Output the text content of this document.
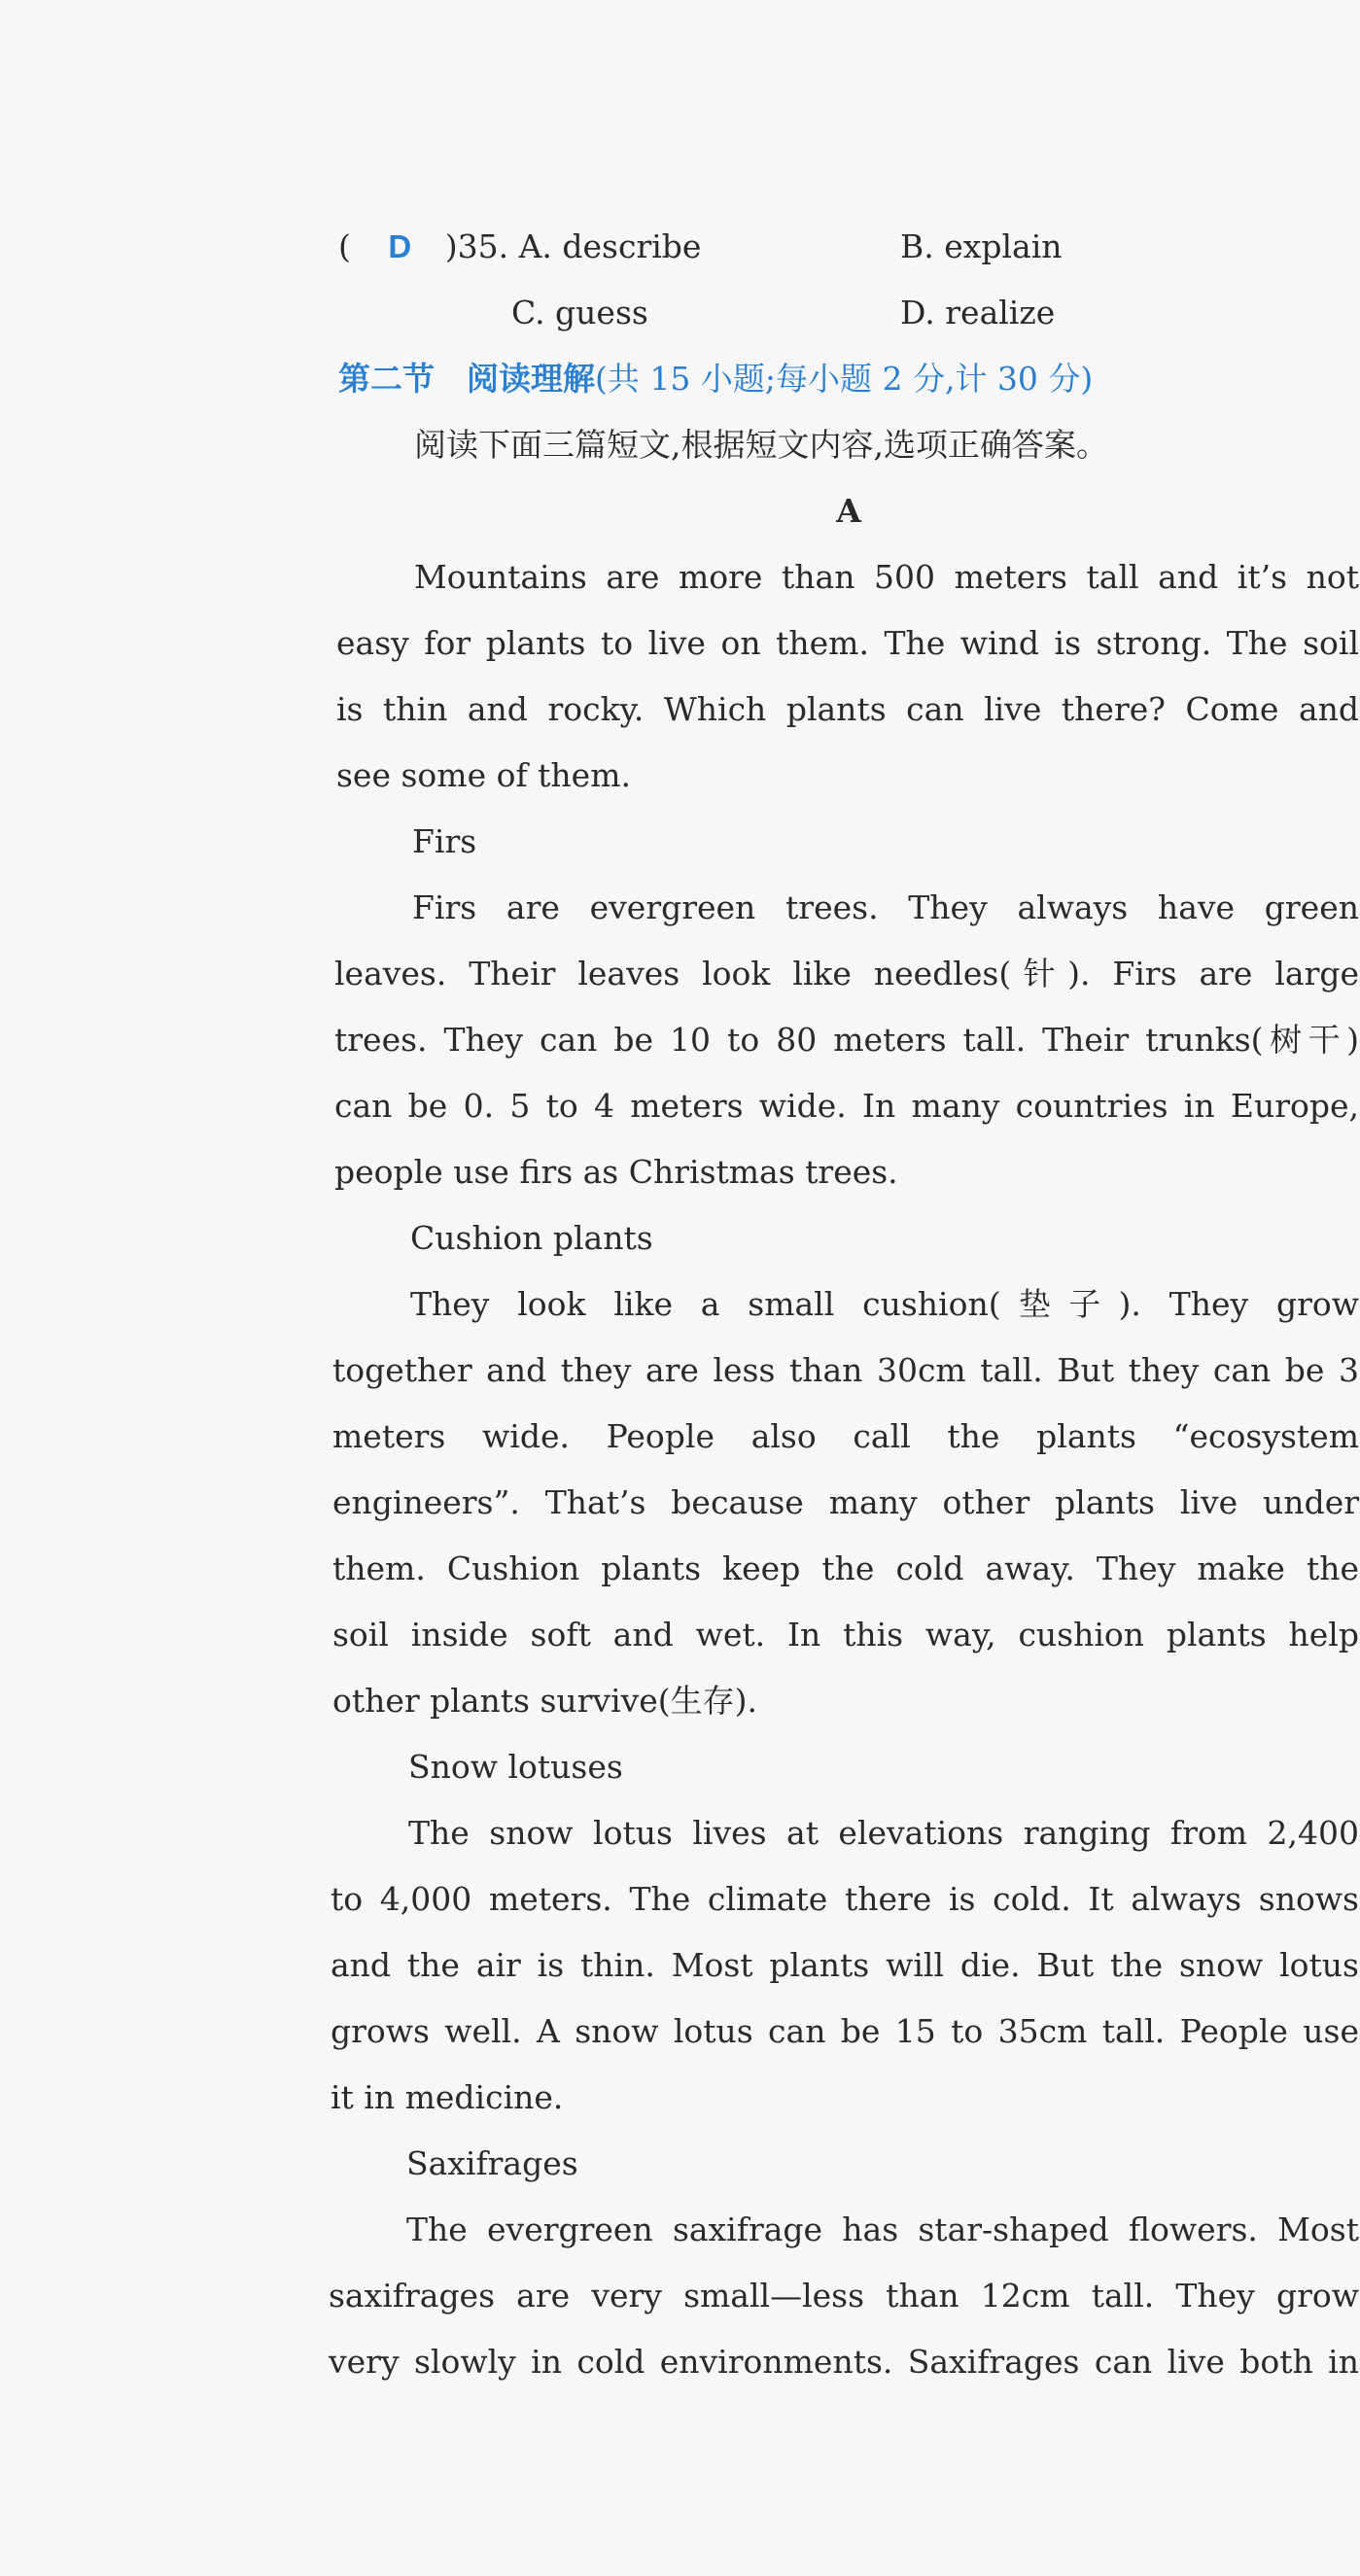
( D )35. A. describe	B. explain
C. guess	D. realize
第二节　阅读理解(共 15 小题;每小题 2 分,计 30 分)
阅读下面三篇短文,根据短文内容,选项正确答案。
A
Mountains are more than 500 meters tall and it’s not
easy for plants to live on them. The wind is strong. The soil
is thin and rocky. Which plants can live there? Come and
see some of them.
Firs
Firs are evergreen trees. They always have green
leaves. Their leaves look like needles(针). Firs are large
trees. They can be 10 to 80 meters tall. Their trunks(树干)
can be 0. 5 to 4 meters wide. In many countries in Europe,
people use firs as Christmas trees.
Cushion plants
They look like a small cushion(垫子). They grow
together and they are less than 30cm tall. But they can be 3
meters wide. People also call the plants “ecosystem
engineers”. That’s because many other plants live under
them. Cushion plants keep the cold away. They make the
soil inside soft and wet. In this way, cushion plants help
other plants survive(生存).
Snow lotuses
The snow lotus lives at elevations ranging from 2,400
to 4,000 meters. The climate there is cold. It always snows
and the air is thin. Most plants will die. But the snow lotus
grows well. A snow lotus can be 15 to 35cm tall. People use
it in medicine.
Saxifrages
The evergreen saxifrage has star-shaped flowers. Most
saxifrages are very small—less than 12cm tall. They grow
very slowly in cold environments. Saxifrages can live both in
